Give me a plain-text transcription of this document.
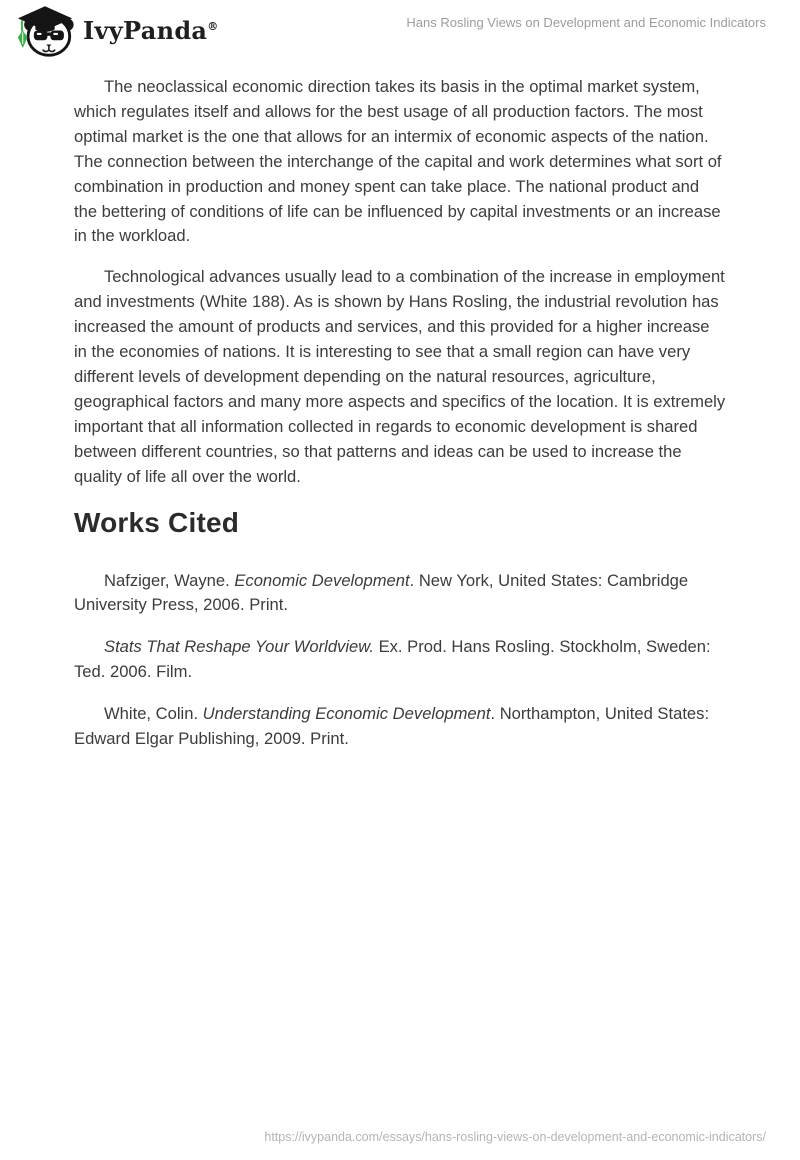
IvyPanda®	Hans Rosling Views on Development and Economic Indicators

The neoclassical economic direction takes its basis in the optimal market system, which regulates itself and allows for the best usage of all production factors. The most optimal market is the one that allows for an intermix of economic aspects of the nation. The connection between the interchange of the capital and work determines what sort of combination in production and money spent can take place. The national product and the bettering of conditions of life can be influenced by capital investments or an increase in the workload.

Technological advances usually lead to a combination of the increase in employment and investments (White 188). As is shown by Hans Rosling, the industrial revolution has increased the amount of products and services, and this provided for a higher increase in the economies of nations. It is interesting to see that a small region can have very different levels of development depending on the natural resources, agriculture, geographical factors and many more aspects and specifics of the location. It is extremely important that all information collected in regards to economic development is shared between different countries, so that patterns and ideas can be used to increase the quality of life all over the world.

Works Cited

Nafziger, Wayne. Economic Development. New York, United States: Cambridge University Press, 2006. Print.

Stats That Reshape Your Worldview. Ex. Prod. Hans Rosling. Stockholm, Sweden: Ted. 2006. Film.

White, Colin. Understanding Economic Development. Northampton, United States: Edward Elgar Publishing, 2009. Print.

https://ivypanda.com/essays/hans-rosling-views-on-development-and-economic-indicators/
